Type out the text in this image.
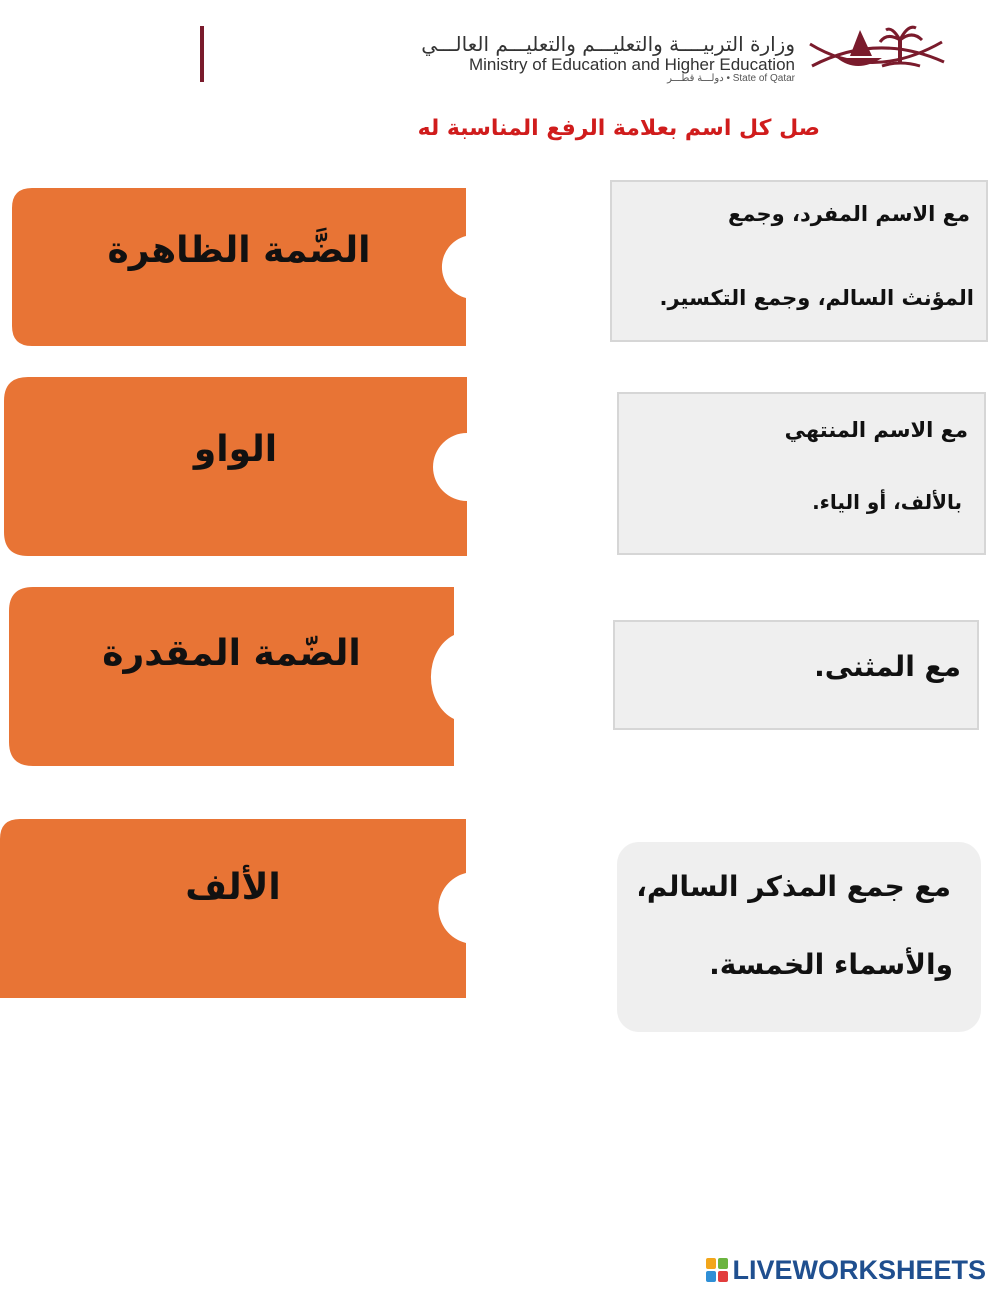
وزارة التربيــــة والتعليـــم والتعليـــم العالـــي
Ministry of Education and Higher Education
State of Qatar • دولـــة قطـــر
صل كل اسم بعلامة الرفع المناسبة له
الضَّمة الظاهرة
الواو
الضّمة المقدرة
الألف
مع الاسم المفرد، وجمع
المؤنث السالم، وجمع التكسير.
مع الاسم المنتهي
بالألف، أو الياء.
مع المثنى.
مع جمع المذكر السالم،
والأسماء الخمسة.
LIVEWORKSHEETS
